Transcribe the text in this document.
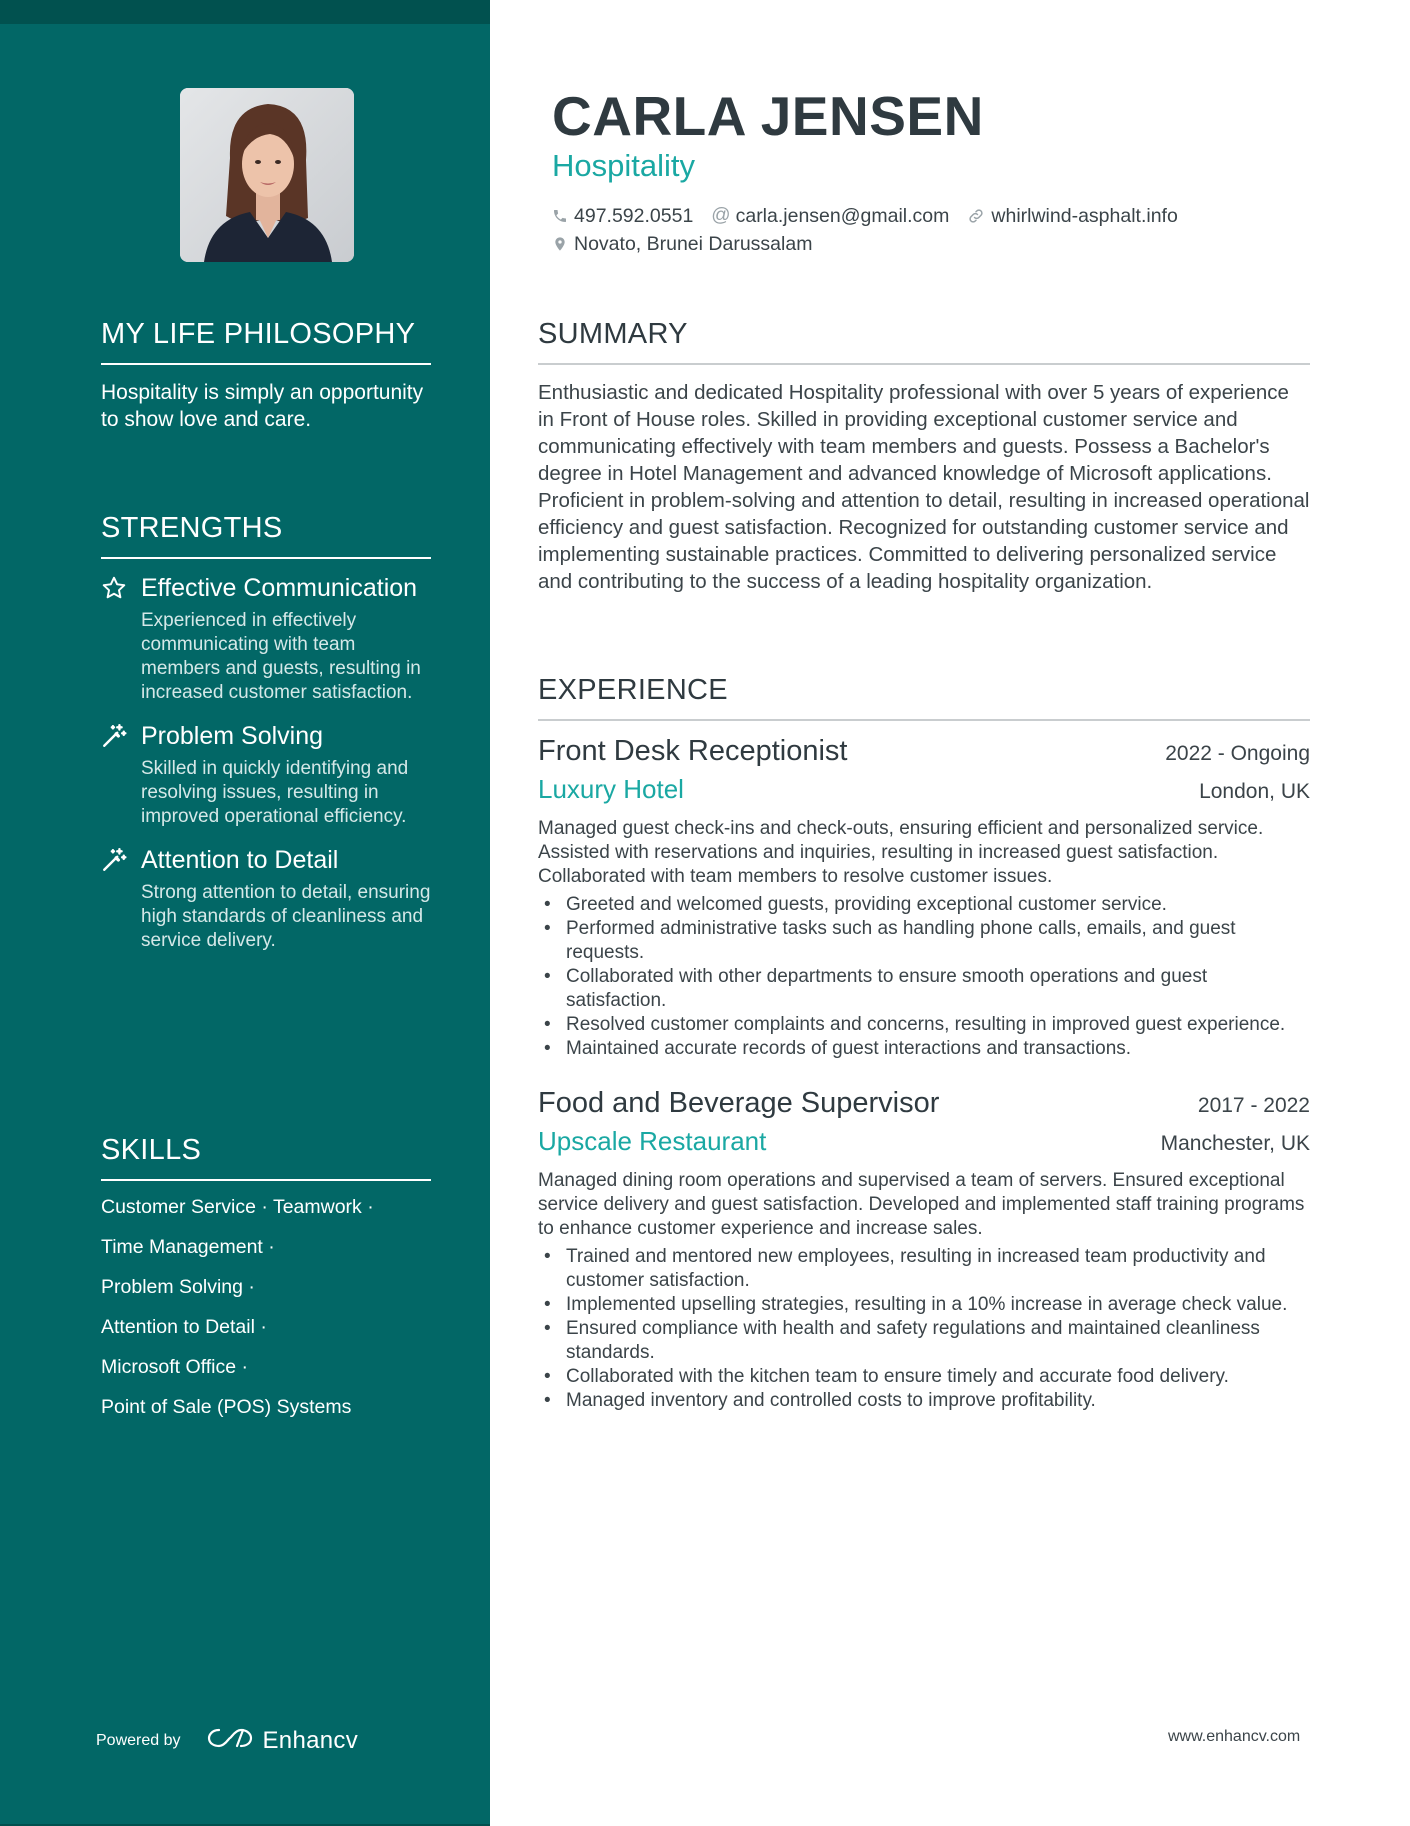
MY LIFE PHILOSOPHY
Hospitality is simply an opportunity to show love and care.
STRENGTHS
Effective Communication
Experienced in effectively communicating with team members and guests, resulting in increased customer satisfaction.
Problem Solving
Skilled in quickly identifying and resolving issues, resulting in improved operational efficiency.
Attention to Detail
Strong attention to detail, ensuring high standards of cleanliness and service delivery.
SKILLS
Customer Service · Teamwork ·
Time Management ·
Problem Solving ·
Attention to Detail ·
Microsoft Office ·
Point of Sale (POS) Systems
Powered by	Enhancv
CARLA JENSEN
Hospitality
497.592.0551 @ carla.jensen@gmail.com whirlwind-asphalt.info
Novato, Brunei Darussalam
SUMMARY
Enthusiastic and dedicated Hospitality professional with over 5 years of experience in Front of House roles. Skilled in providing exceptional customer service and communicating effectively with team members and guests. Possess a Bachelor's degree in Hotel Management and advanced knowledge of Microsoft applications. Proficient in problem-solving and attention to detail, resulting in increased operational efficiency and guest satisfaction. Recognized for outstanding customer service and implementing sustainable practices. Committed to delivering personalized service and contributing to the success of a leading hospitality organization.
EXPERIENCE
Front Desk Receptionist	2022 - Ongoing
Luxury Hotel	London, UK
Managed guest check-ins and check-outs, ensuring efficient and personalized service. Assisted with reservations and inquiries, resulting in increased guest satisfaction. Collaborated with team members to resolve customer issues.
• Greeted and welcomed guests, providing exceptional customer service.
• Performed administrative tasks such as handling phone calls, emails, and guest requests.
• Collaborated with other departments to ensure smooth operations and guest satisfaction.
• Resolved customer complaints and concerns, resulting in improved guest experience.
• Maintained accurate records of guest interactions and transactions.
Food and Beverage Supervisor	2017 - 2022
Upscale Restaurant	Manchester, UK
Managed dining room operations and supervised a team of servers. Ensured exceptional service delivery and guest satisfaction. Developed and implemented staff training programs to enhance customer experience and increase sales.
• Trained and mentored new employees, resulting in increased team productivity and customer satisfaction.
• Implemented upselling strategies, resulting in a 10% increase in average check value.
• Ensured compliance with health and safety regulations and maintained cleanliness standards.
• Collaborated with the kitchen team to ensure timely and accurate food delivery.
• Managed inventory and controlled costs to improve profitability.
www.enhancv.com
